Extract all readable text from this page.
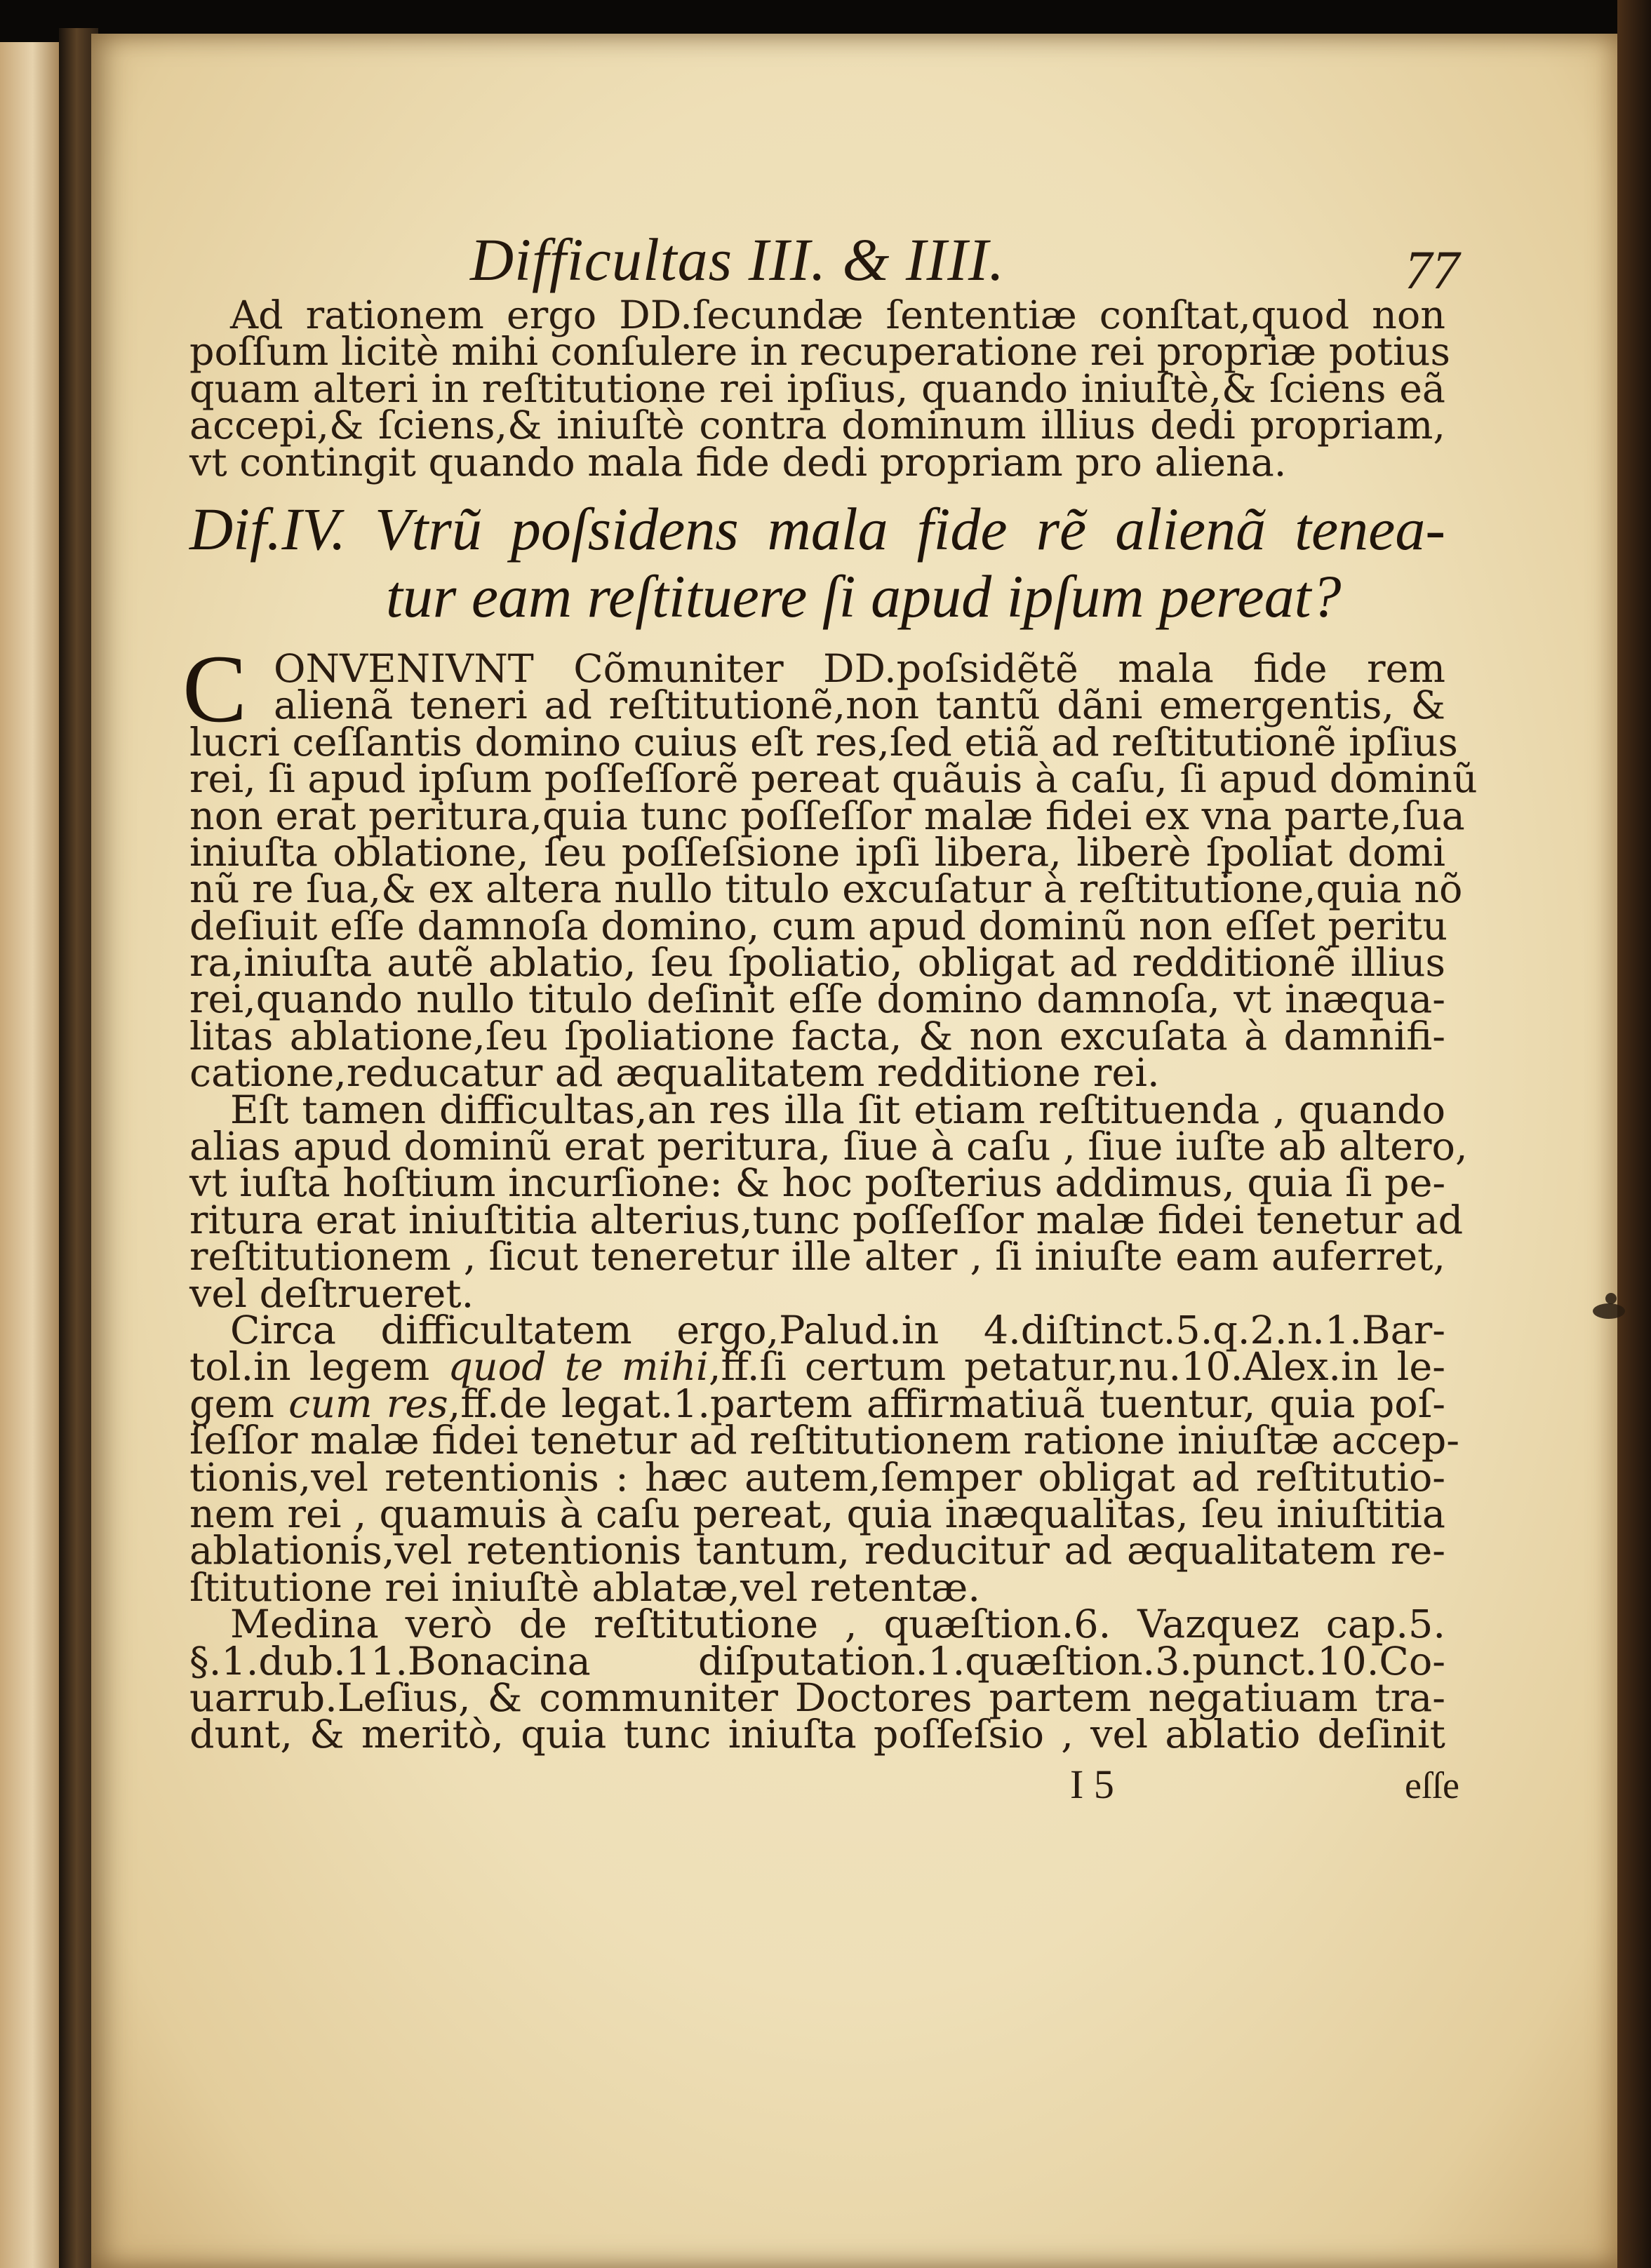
Difficultas III. & IIII.	77
Ad rationem ergo DD.ſecundæ ſententiæ conſtat,quod non
poſſum licitè mihi conſulere in recuperatione rei propriæ potius
quam alteri in reſtitutione rei ipſius, quando iniuſtè,& ſciens eã
accepi,& ſciens,& iniuſtè contra dominum illius dedi propriam,
vt contingit quando mala fide dedi propriam pro aliena.
Dif.IV. Vtrũ poſsidens mala fide rẽ alienã tenea-
tur eam reſtituere ſi apud ipſum pereat?
C ONVENIVNT Cõmuniter DD.poſsidẽtẽ mala fide rem
alienã teneri ad reſtitutionẽ,non tantũ dãni emergentis, &
lucri ceſſantis domino cuius eſt res,ſed etiã ad reſtitutionẽ ipſius
rei, ſi apud ipſum poſſeſſorẽ pereat quãuis à caſu, ſi apud dominũ
non erat peritura,quia tunc poſſeſſor malæ fidei ex vna parte,ſua
iniuſta oblatione, ſeu poſſeſsione ipſi libera, liberè ſpoliat domi
nũ re ſua,& ex altera nullo titulo excuſatur à reſtitutione,quia nõ
deſiuit eſſe damnoſa domino, cum apud dominũ non eſſet peritu
ra,iniuſta autẽ ablatio, ſeu ſpoliatio, obligat ad redditionẽ illius
rei,quando nullo titulo deſinit eſſe domino damnoſa, vt inæqua-
litas ablatione,ſeu ſpoliatione facta, & non excuſata à damnifi-
catione,reducatur ad æqualitatem redditione rei.
Eſt tamen difficultas,an res illa ſit etiam reſtituenda , quando
alias apud dominũ erat peritura, ſiue à caſu , ſiue iuſte ab altero,
vt iuſta hoſtium incurſione: & hoc poſterius addimus, quia ſi pe-
ritura erat iniuſtitia alterius,tunc poſſeſſor malæ fidei tenetur ad
reſtitutionem , ſicut teneretur ille alter , ſi iniuſte eam auferret,
vel deſtrueret.
Circa difficultatem ergo,Palud.in 4.diſtinct.5.q.2.n.1.Bar-
tol.in legem quod te mihi,ff.ſi certum petatur,nu.10.Alex.in le-
gem cum res,ff.de legat.1.partem affirmatiuã tuentur, quia poſ-
ſeſſor malæ fidei tenetur ad reſtitutionem ratione iniuſtæ accep-
tionis,vel retentionis : hæc autem,ſemper obligat ad reſtitutio-
nem rei , quamuis à caſu pereat, quia inæqualitas, ſeu iniuſtitia
ablationis,vel retentionis tantum, reducitur ad æqualitatem re-
ſtitutione rei iniuſtè ablatæ,vel retentæ.
Medina verò de reſtitutione , quæſtion.6. Vazquez cap.5.
§.1.dub.11.Bonacina diſputation.1.quæſtion.3.punct.10.Co-
uarrub.Leſius, & communiter Doctores partem negatiuam tra-
dunt, & meritò, quia tunc iniuſta poſſeſsio , vel ablatio deſinit
I 5	eſſe
